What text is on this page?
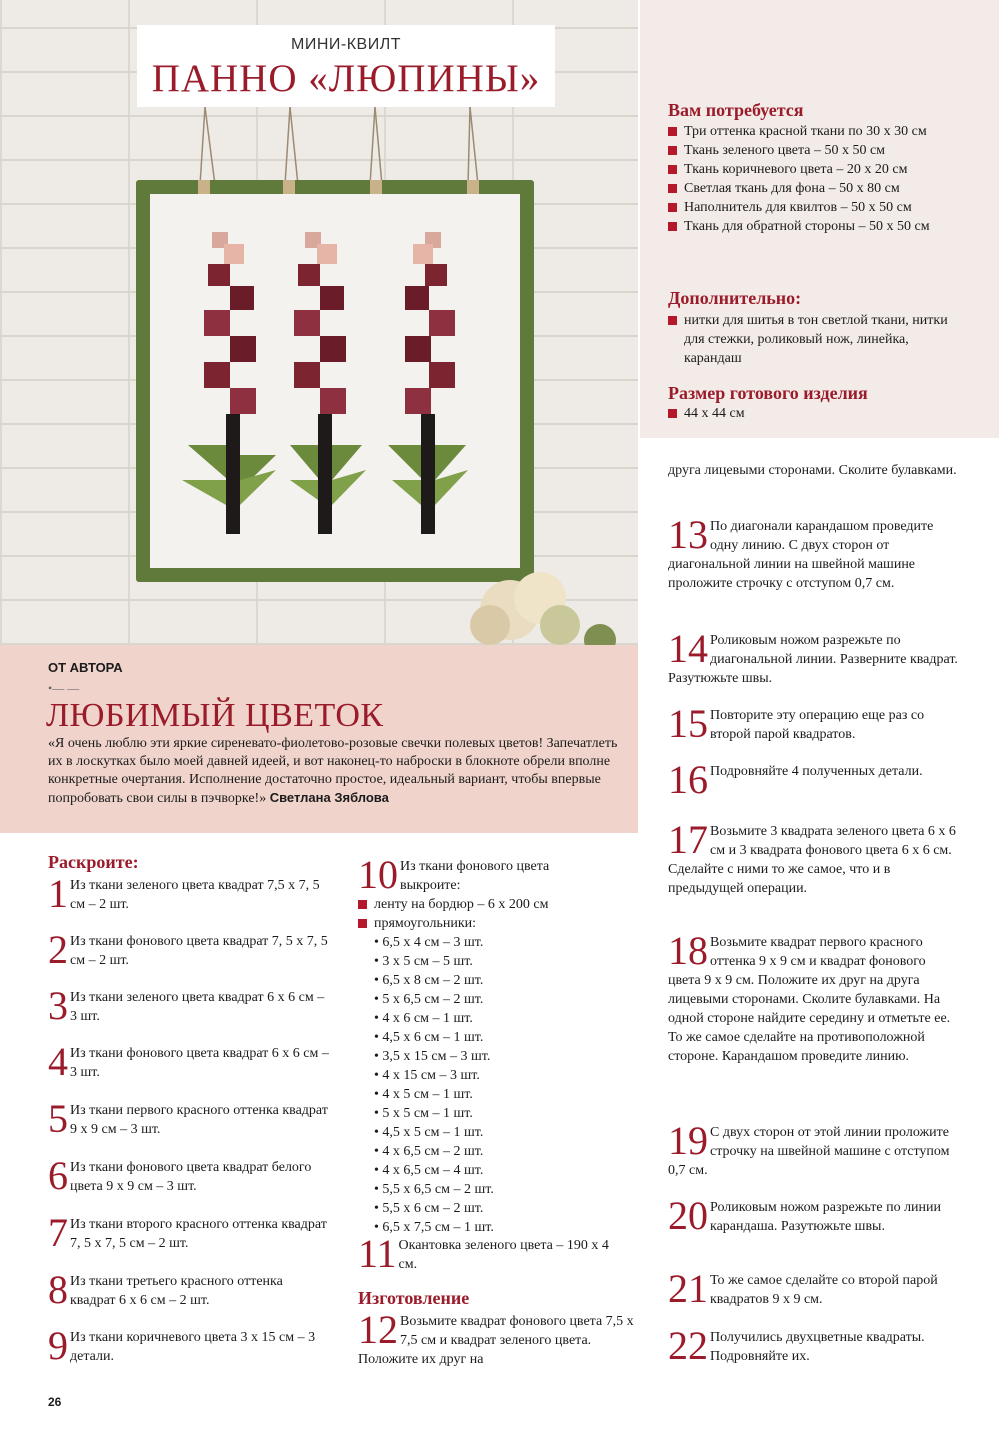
МИНИ-КВИЛТ
ПАННО «ЛЮПИНЫ»
Вам потребуется
Три оттенка красной ткани по 30 х 30 см
Ткань зеленого цвета – 50 х 50 см
Ткань коричневого цвета – 20 х 20 см
Светлая ткань для фона – 50 х 80 см
Наполнитель для квилтов – 50 х 50 см
Ткань для обратной стороны – 50 х 50 см
Дополнительно:
нитки для шитья в тон светлой ткани, нитки для стежки, роликовый нож, линейка, карандаш
Размер готового изделия
44 х 44 см
ОТ АВТОРА
•— —
ЛЮБИМЫЙ ЦВЕТОК
«Я очень люблю эти яркие сиреневато-фиолетово-розовые свечки полевых цветов! Запечатлеть их в лоскутках было моей давней идеей, и вот наконец-то наброски в блокноте обрели вполне конкретные очертания. Исполнение достаточно простое, идеальный вариант, чтобы впервые попробовать свои силы в пэчворке!» Светлана Зяблова
Раскроите:
1 Из ткани зеленого цвета квадрат 7,5 х 7, 5 см – 2 шт.
2 Из ткани фонового цвета квадрат 7, 5 х 7, 5 см – 2 шт.
3 Из ткани зеленого цвета квадрат 6 х 6 см – 3 шт.
4 Из ткани фонового цвета квадрат 6 х 6 см – 3 шт.
5 Из ткани первого красного оттенка квадрат 9 х 9 см – 3 шт.
6 Из ткани фонового цвета квадрат белого цвета 9 х 9 см – 3 шт.
7 Из ткани второго красного оттенка квадрат 7, 5 х 7, 5 см – 2 шт.
8 Из ткани третьего красного оттенка квадрат 6 х 6 см – 2 шт.
9 Из ткани коричневого цвета 3 х 15 см – 3 детали.
10 Из ткани фонового цвета выкроите:
ленту на бордюр – 6 х 200 см
прямоугольники:
• 6,5 х 4 см – 3 шт.
• 3 х 5 см – 5 шт.
• 6,5 х 8 см – 2 шт.
• 5 х 6,5 см – 2 шт.
• 4 х 6 см – 1 шт.
• 4,5 х 6 см – 1 шт.
• 3,5 х 15 см – 3 шт.
• 4 х 15 см – 3 шт.
• 4 х 5 см – 1 шт.
• 5 х 5 см – 1 шт.
• 4,5 х 5 см – 1 шт.
• 4 х 6,5 см – 2 шт.
• 4 х 6,5 см – 4 шт.
• 5,5 х 6,5 см – 2 шт.
• 5,5 х 6 см – 2 шт.
• 6,5 х 7,5 см – 1 шт.
11 Окантовка зеленого цвета – 190 х 4 см.
Изготовление
12 Возьмите квадрат фонового цвета 7,5 х 7,5 см и квадрат зеленого цвета. Положите их друг на
друга лицевыми сторонами. Сколите булавками.
13 По диагонали карандашом проведите одну линию. С двух сторон от диагональной линии на швейной машине проложите строчку с отступом 0,7 см.
14 Роликовым ножом разрежьте по диагональной линии. Разверните квадрат. Разутюжьте швы.
15 Повторите эту операцию еще раз со второй парой квадратов.
16 Подровняйте 4 полученных детали.
17 Возьмите 3 квадрата зеленого цвета 6 х 6 см и 3 квадрата фонового цвета 6 х 6 см. Сделайте с ними то же самое, что и в предыдущей операции.
18 Возьмите квадрат первого красного оттенка 9 х 9 см и квадрат фонового цвета 9 х 9 см. Положите их друг на друга лицевыми сторонами. Сколите булавками. На одной стороне найдите середину и отметьте ее. То же самое сделайте на противоположной стороне. Карандашом проведите линию.
19 С двух сторон от этой линии проложите строчку на швейной машине с отступом 0,7 см.
20 Роликовым ножом разрежьте по линии карандаша. Разутюжьте швы.
21 То же самое сделайте со второй парой квадратов 9 х 9 см.
22 Получились двухцветные квадраты. Подровняйте их.
26
